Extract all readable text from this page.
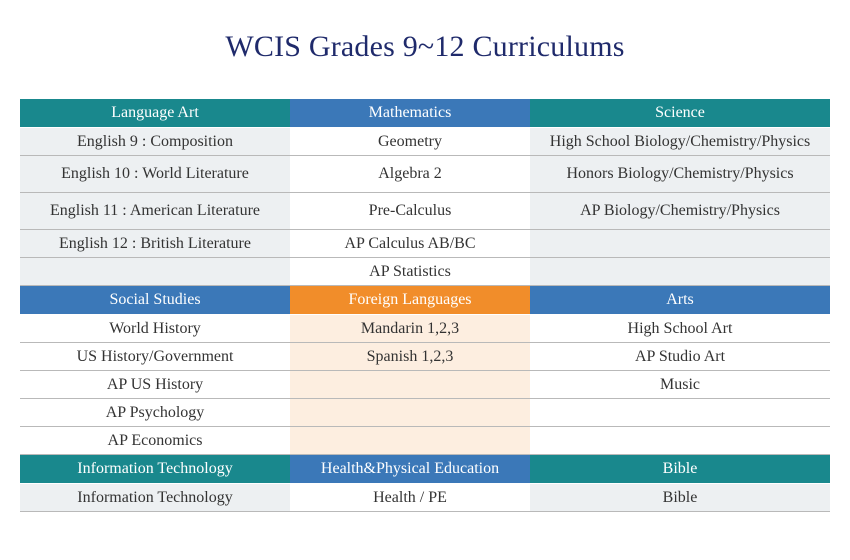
WCIS Grades 9~12 Curriculums
Language Art	Mathematics	Science
English 9 : Composition	Geometry	High School Biology/Chemistry/Physics
English 10 : World Literature	Algebra 2	Honors Biology/Chemistry/Physics
English 11 : American Literature	Pre-Calculus	AP Biology/Chemistry/Physics
English 12 : British Literature	AP Calculus AB/BC	
	AP Statistics	
Social Studies	Foreign Languages	Arts
World History	Mandarin 1,2,3	High School Art
US History/Government	Spanish 1,2,3	AP Studio Art
AP US History		Music
AP Psychology		
AP Economics		
Information Technology	Health&Physical Education	Bible
Information Technology	Health / PE	Bible
